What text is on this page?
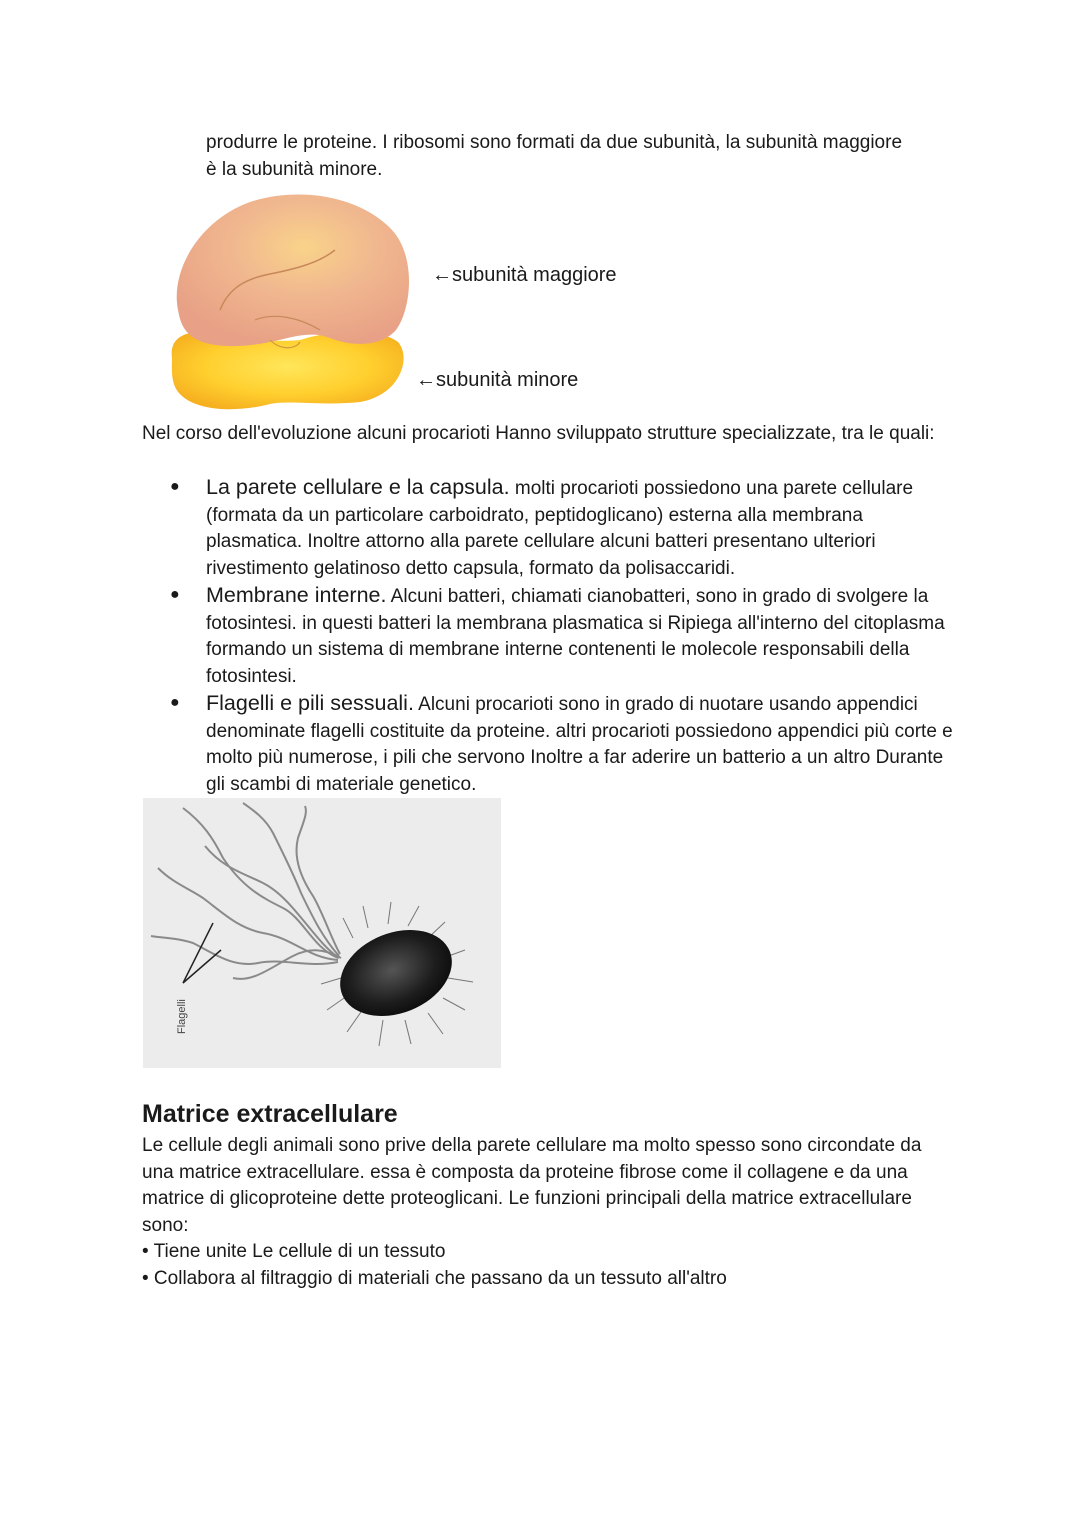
produrre le proteine. I ribosomi sono formati da due subunità, la subunità maggiore
è la subunità minore.
←subunità maggiore
←subunità minore
Nel corso dell'evoluzione alcuni procarioti Hanno sviluppato strutture specializzate, tra le quali:
● La parete cellulare e la capsula. molti procarioti possiedono una parete cellulare (formata da un particolare carboidrato, peptidoglicano) esterna alla membrana plasmatica. Inoltre attorno alla parete cellulare alcuni batteri presentano ulteriori rivestimento gelatinoso detto capsula, formato da polisaccaridi.
● Membrane interne. Alcuni batteri, chiamati cianobatteri, sono in grado di svolgere la fotosintesi. in questi batteri la membrana plasmatica si Ripiega all'interno del citoplasma formando un sistema di membrane interne contenenti le molecole responsabili della fotosintesi.
● Flagelli e pili sessuali. Alcuni procarioti sono in grado di nuotare usando appendici denominate flagelli costituite da proteine. altri procarioti possiedono appendici più corte e molto più numerose, i pili che servono Inoltre a far aderire un batterio a un altro Durante gli scambi di materiale genetico.
Flagelli
Matrice extracellulare
Le cellule degli animali sono prive della parete cellulare ma molto spesso sono circondate da una matrice extracellulare. essa è composta da proteine fibrose come il collagene e da una matrice di glicoproteine dette proteoglicani. Le funzioni principali della matrice extracellulare sono:
• Tiene unite Le cellule di un tessuto
• Collabora al filtraggio di materiali che passano da un tessuto all'altro
